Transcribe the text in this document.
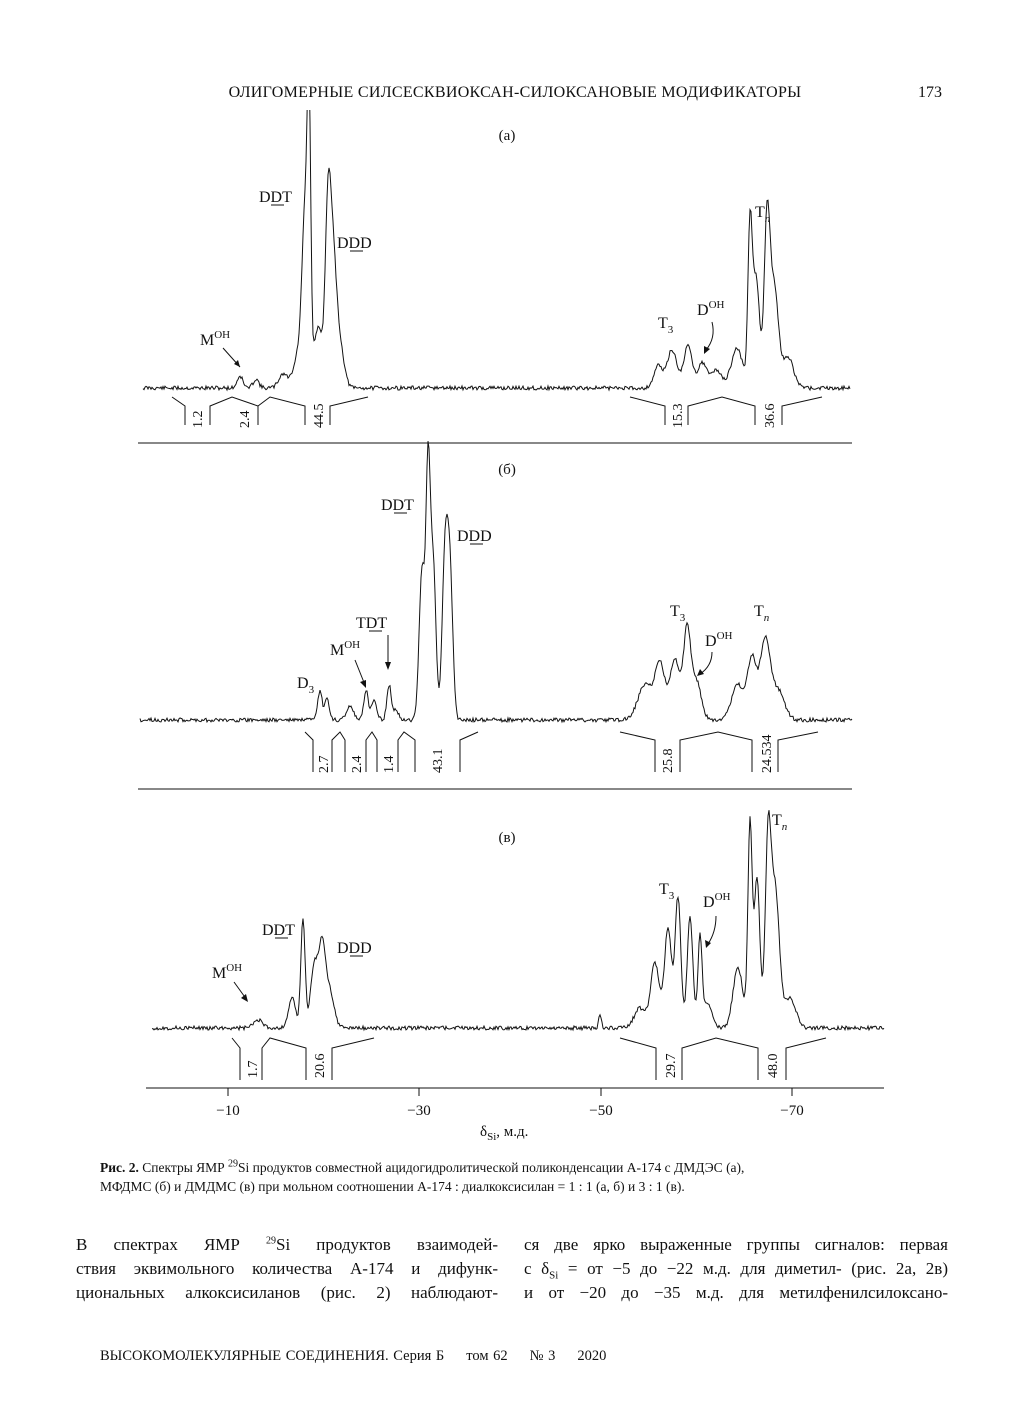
ОЛИГОМЕРНЫЕ СИЛСЕСКВИОКСАН-СИЛОКСАНОВЫЕ МОДИФИКАТОРЫ	173
(а)
1.2 2.4	44.5	15.3	36.6
$M^{OH}$
DDT
DDD
$T_3$
$D^{OH}$
$T_n$
(б)
2.7 2.4 1.4 43.1	25.8	24.534
$D_3$
$M^{OH}$
TDT
DDT
DDD
$T_3$
$D^{OH}$
$T_n$
(в)
1.7	20.6	29.7	48.0
$M^{OH}$
DDT
DDD
$T_3$ $D^{OH}$
$T_n$
−10	−30	−50	−70
$\delta_{Si}$, м.д.
Рис. 2. Спектры ЯМР $^{29}$Si продуктов совместной ацидогидролитической поликонденсации А-174 с ДМДЭС (а),
МФДМС (б) и ДМДМС (в) при мольном соотношении А-174 : диалкоксисилан = 1 : 1 (а, б) и 3 : 1 (в).
В спектрах ЯМР $^{29}$Si продуктов взаимодей-
ствия эквимольного количества А-174 и дифунк-
циональных алкоксисиланов (рис. 2) наблюдают-
ся две ярко выраженные группы сигналов: первая
с $\delta_{Si}$ = от −5 до −22 м.д. для диметил- (рис. 2а, 2в)
и от −20 до −35 м.д. для метилфенилсилоксано-
ВЫСОКОМОЛЕКУЛЯРНЫЕ СОЕДИНЕНИЯ. Серия Б том 62 № 3 2020
